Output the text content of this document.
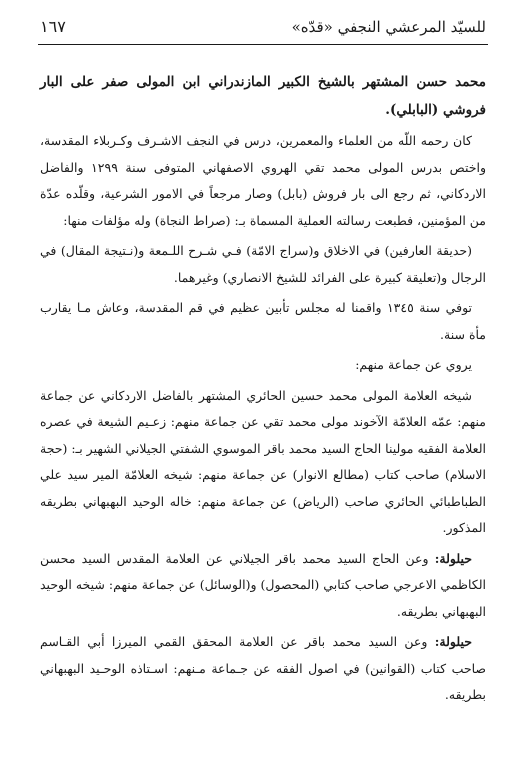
للسيّد المرعشي النجفي «قدّه»
١٦٧

محمد حسن المشتهر بالشيخ الكبير المازندراني ابن المولى صفر على البار فروشي (البابلي).

كان رحمه اللّه من العلماء والمعمرين، درس في النجف الاشـرف وكـربلاء المقدسة، واختص بدرس المولى محمد تقي الهروي الاصفهاني المتوفى سنة ١٢٩٩ والفاضل الاردكاني، ثم رجع الى بار فروش (بابل) وصار مرجعاً في الامور الشرعية، وقلّده عدّة من المؤمنين، فطبعت رسالته العملية المسماة بـ: (صراط النجاة) وله مؤلفات منها:

(حديقة العارفين) في الاخلاق و(سراج الامّة) فـي شـرح اللـمعة و(نـتيجة المقال) في الرجال و(تعليقة كبيرة على الفرائد للشيخ الانصاري) وغيرهما.

توفي سنة ١٣٤٥ واقمنا له مجلس تأبين عظيم في قم المقدسة، وعاش مـا يقارب مأة سنة.

يروي عن جماعة منهم:

شيخه العلامة المولى محمد حسين الحائري المشتهر بالفاضل الاردكاني عن جماعة منهم: عمّه العلامّة الآخوند مولى محمد تقي عن جماعة منهم: زعـيم الشيعة في عصره العلامة الفقيه مولينا الحاج السيد محمد باقر الموسوي الشفتي الجيلاني الشهير بـ: (حجة الاسلام) صاحب كتاب (مطالع الانوار) عن جماعة منهم: شيخه العلامّة المير سيد علي الطباطبائي الحائري صاحب (الرياض) عن جماعة منهم: خاله الوحيد البهبهاني بطريقه المذكور.

حيلولة: وعن الحاج السيد محمد باقر الجيلاني عن العلامة المقدس السيد محسن الكاظمي الاعرجي صاحب كتابي (المحصول) و(الوسائل) عن جماعة منهم: شيخه الوحيد البهبهاني بطريقه.

حيلولة: وعن السيد محمد باقر عن العلامة المحقق القمي الميرزا أبي القـاسم صاحب كتاب (القوانين) في اصول الفقه عن جـماعة مـنهم: اسـتاذه الوحـيد البهبهاني بطريقه.
